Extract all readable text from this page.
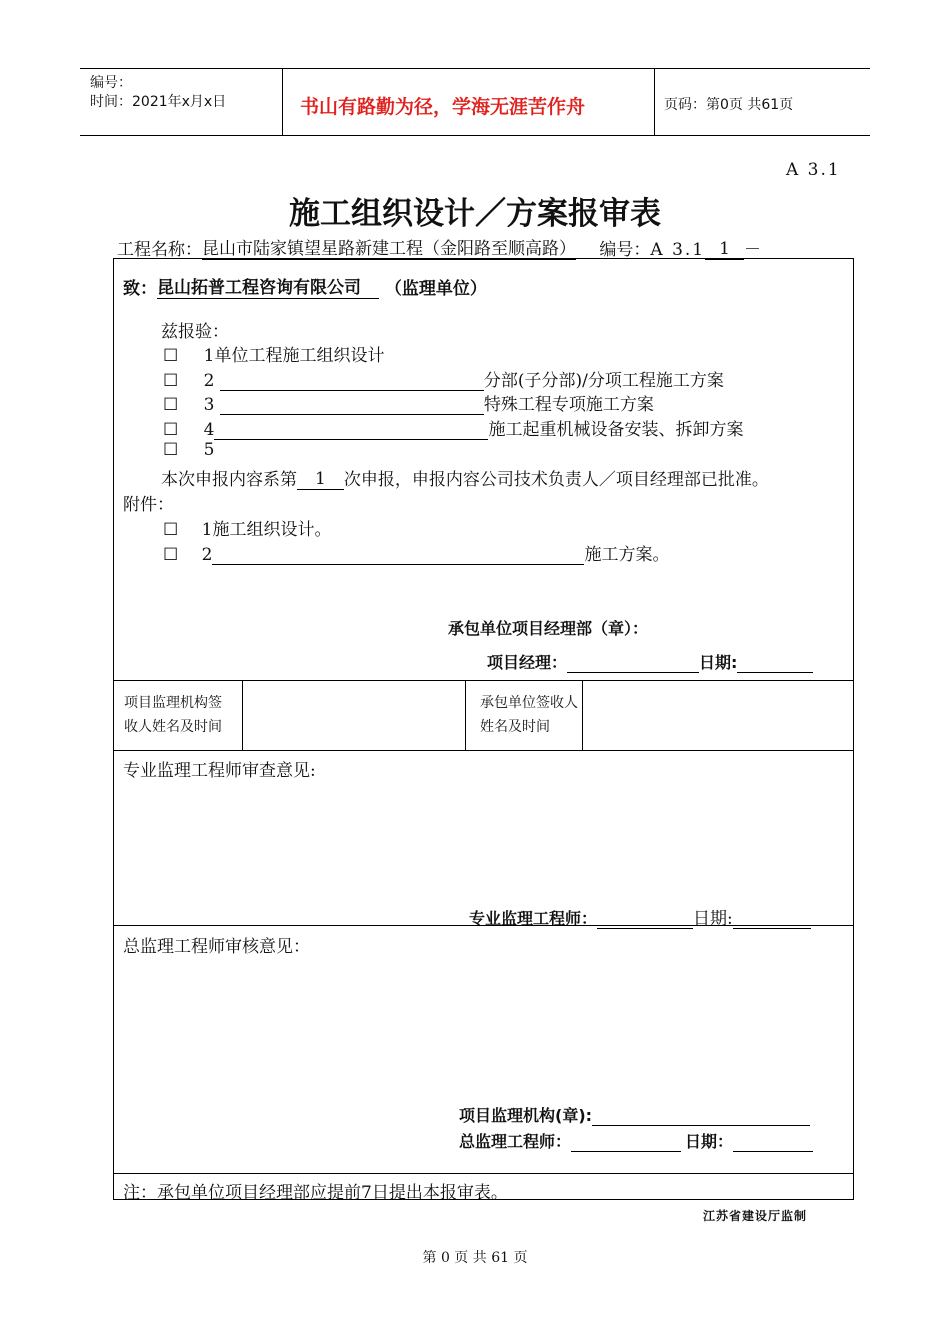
编号：
时间：2021年x月x日	书山有路勤为径，学海无涯苦作舟	页码：第0页 共61页
A 3.1
施工组织设计／方案报审表
工程名称：昆山市陆家镇望星路新建工程（金阳路至顺高路） 编号：A 3.1 1 －
致：昆山拓普工程咨询有限公司 （监理单位）
兹报验：
☐ 1单位工程施工组织设计
☐ 2	分部(子分部)/分项工程施工方案
☐ 3	特殊工程专项施工方案
☐ 4	施工起重机械设备安装、拆卸方案
☐ 5
本次申报内容系第 1 次申报，申报内容公司技术负责人／项目经理部已批准。
附件：
☐ 1施工组织设计。
☐ 2	施工方案。
承包单位项目经理部（章）：
项目经理：	日期:
项目监理机构签收人姓名及时间
承包单位签收人姓名及时间
专业监理工程师审查意见:
专业监理工程师：	日期:
总监理工程师审核意见：
项目监理机构(章):
总监理工程师：	日期：
注：承包单位项目经理部应提前7日提出本报审表。
江苏省建设厅监制
第 0 页 共 61 页
